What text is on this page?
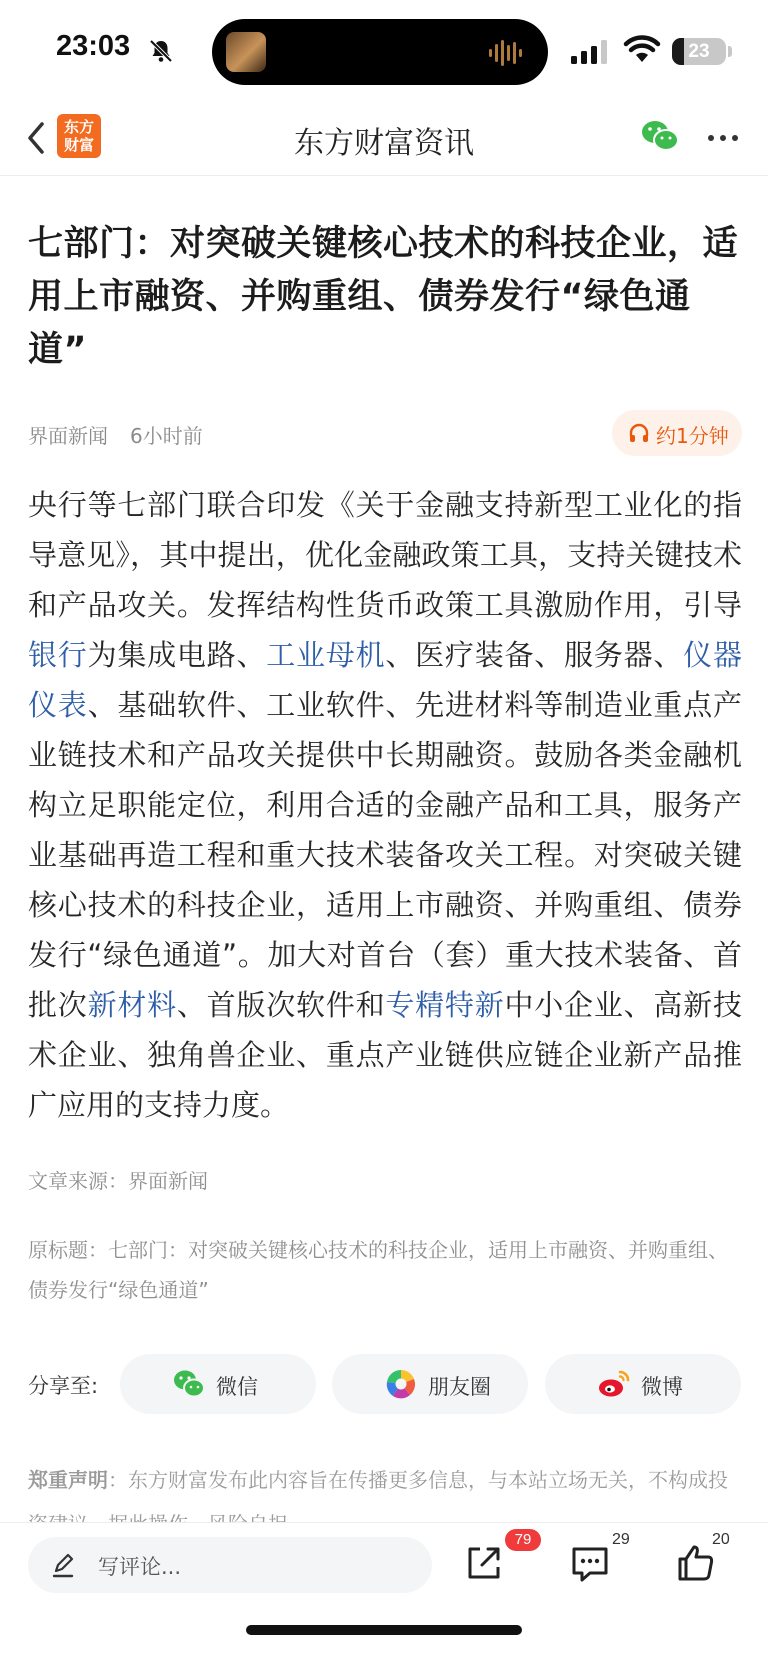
23:03	23
东方
财富	东方财富资讯
七部门：对突破关键核心技术的科技企业，适用上市融资、并购重组、债券发行“绿色通道”
界面新闻 6小时前	约1分钟
央行等七部门联合印发《关于金融支持新型工业化的指导意见》，其中提出，优化金融政策工具，支持关键技术和产品攻关。发挥结构性货币政策工具激励作用，引导银行为集成电路、工业母机、医疗装备、服务器、仪器仪表、基础软件、工业软件、先进材料等制造业重点产业链技术和产品攻关提供中长期融资。鼓励各类金融机构立足职能定位，利用合适的金融产品和工具，服务产业基础再造工程和重大技术装备攻关工程。对突破关键核心技术的科技企业，适用上市融资、并购重组、债券发行“绿色通道”。加大对首台（套）重大技术装备、首批次新材料、首版次软件和专精特新中小企业、高新技术企业、独角兽企业、重点产业链供应链企业新产品推广应用的支持力度。
文章来源：界面新闻
原标题：七部门：对突破关键核心技术的科技企业，适用上市融资、并购重组、债券发行“绿色通道”
分享至:	微信	朋友圈	微博
郑重声明：东方财富发布此内容旨在传播更多信息，与本站立场无关，不构成投
写评论...
79	29	20
